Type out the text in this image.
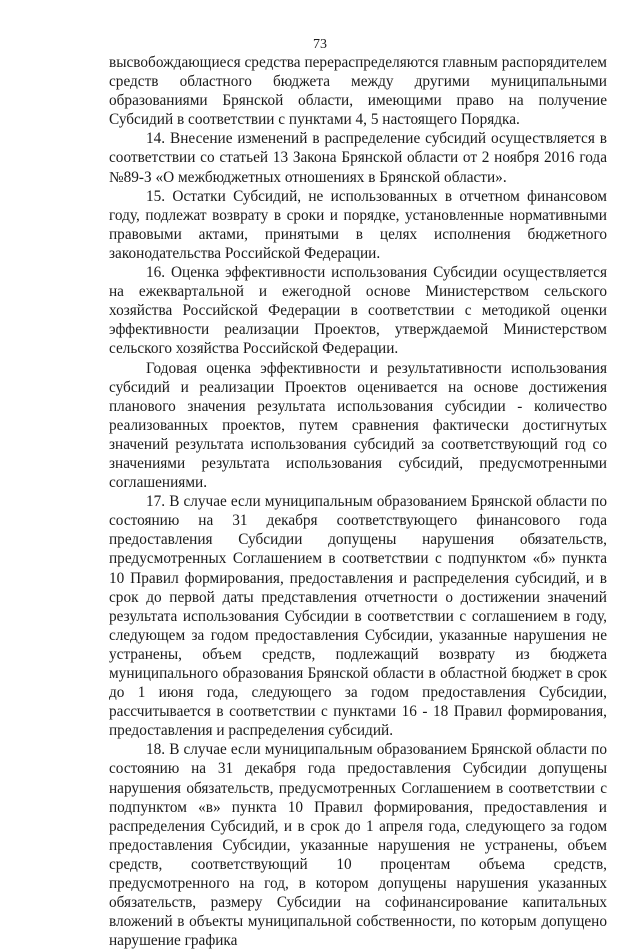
73

высвобождающиеся средства перераспределяются главным распорядителем средств областного бюджета между другими муниципальными образованиями Брянской области, имеющими право на получение Субсидий в соответствии с пунктами 4, 5 настоящего Порядка.

14. Внесение изменений в распределение субсидий осуществляется в соответствии со статьей 13 Закона Брянской области от 2 ноября 2016 года №89-З «О межбюджетных отношениях в Брянской области».

15. Остатки Субсидий, не использованных в отчетном финансовом году, подлежат возврату в сроки и порядке, установленные нормативными правовыми актами, принятыми в целях исполнения бюджетного законодательства Российской Федерации.

16. Оценка эффективности использования Субсидии осуществляется на ежеквартальной и ежегодной основе Министерством сельского хозяйства Российской Федерации в соответствии с методикой оценки эффективности реализации Проектов, утверждаемой Министерством сельского хозяйства Российской Федерации.

Годовая оценка эффективности и результативности использования субсидий и реализации Проектов оценивается на основе достижения планового значения результата использования субсидии - количество реализованных проектов, путем сравнения фактически достигнутых значений результата использования субсидий за соответствующий год со значениями результата использования субсидий, предусмотренными соглашениями.

17. В случае если муниципальным образованием Брянской области по состоянию на 31 декабря соответствующего финансового года предоставления Субсидии допущены нарушения обязательств, предусмотренных Соглашением в соответствии с подпунктом «б» пункта 10 Правил формирования, предоставления и распределения субсидий, и в срок до первой даты представления отчетности о достижении значений результата использования Субсидии в соответствии с соглашением в году, следующем за годом предоставления Субсидии, указанные нарушения не устранены, объем средств, подлежащий возврату из бюджета муниципального образования Брянской области в областной бюджет в срок до 1 июня года, следующего за годом предоставления Субсидии, рассчитывается в соответствии с пунктами 16 - 18 Правил формирования, предоставления и распределения субсидий.

18. В случае если муниципальным образованием Брянской области по состоянию на 31 декабря года предоставления Субсидии допущены нарушения обязательств, предусмотренных Соглашением в соответствии с подпунктом «в» пункта 10 Правил формирования, предоставления и распределения Субсидий, и в срок до 1 апреля года, следующего за годом предоставления Субсидии, указанные нарушения не устранены, объем средств, соответствующий 10 процентам объема средств, предусмотренного на год, в котором допущены нарушения указанных обязательств, размеру Субсидии на софинансирование капитальных вложений в объекты муниципальной собственности, по которым допущено нарушение графика
